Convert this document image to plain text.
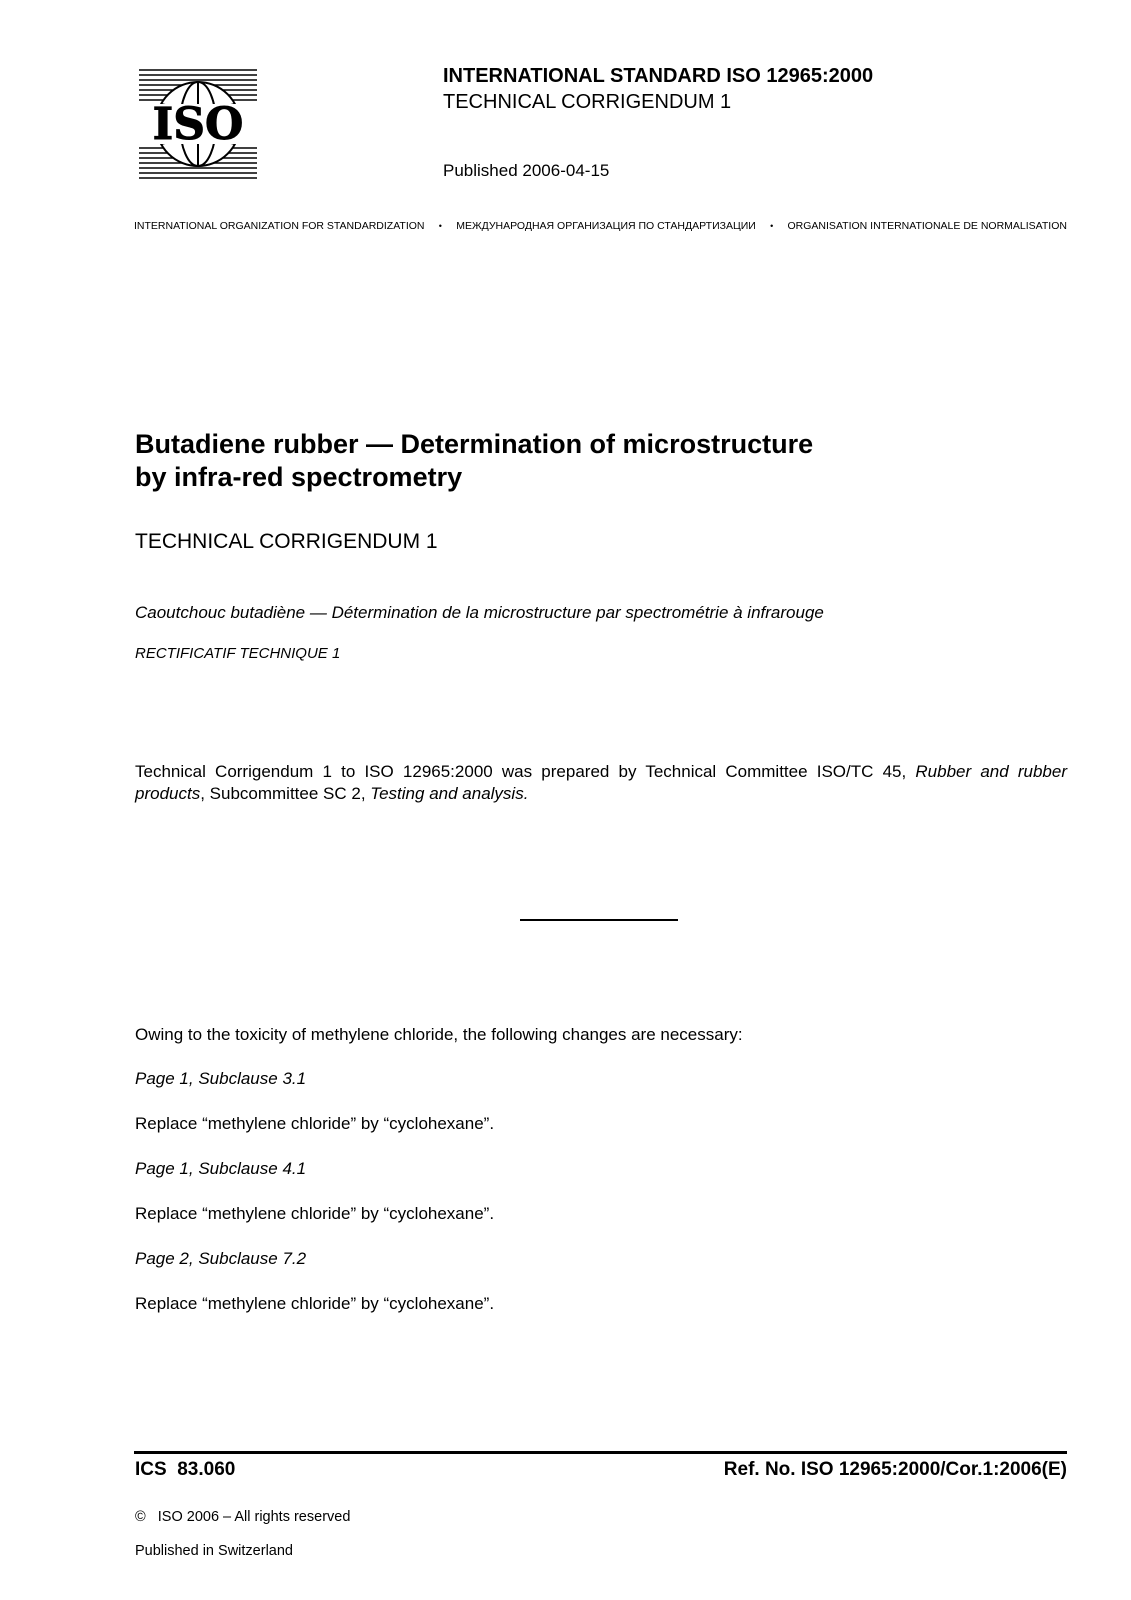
ISO
INTERNATIONAL STANDARD ISO 12965:2000
TECHNICAL CORRIGENDUM 1
Published 2006-04-15
INTERNATIONAL ORGANIZATION FOR STANDARDIZATION • МЕЖДУНАРОДНАЯ ОРГАНИЗАЦИЯ ПО СТАНДАРТИЗАЦИИ • ORGANISATION INTERNATIONALE DE NORMALISATION
Butadiene rubber — Determination of microstructure
by infra-red spectrometry
TECHNICAL CORRIGENDUM 1
Caoutchouc butadiène — Détermination de la microstructure par spectrométrie à infrarouge
RECTIFICATIF TECHNIQUE 1
Technical Corrigendum 1 to ISO 12965:2000 was prepared by Technical Committee ISO/TC 45, Rubber and rubber products, Subcommittee SC 2, Testing and analysis.
Owing to the toxicity of methylene chloride, the following changes are necessary:
Page 1, Subclause 3.1
Replace “methylene chloride” by “cyclohexane”.
Page 1, Subclause 4.1
Replace “methylene chloride” by “cyclohexane”.
Page 2, Subclause 7.2
Replace “methylene chloride” by “cyclohexane”.
ICS  83.060	Ref. No. ISO 12965:2000/Cor.1:2006(E)
©   ISO 2006 – All rights reserved
Published in Switzerland
